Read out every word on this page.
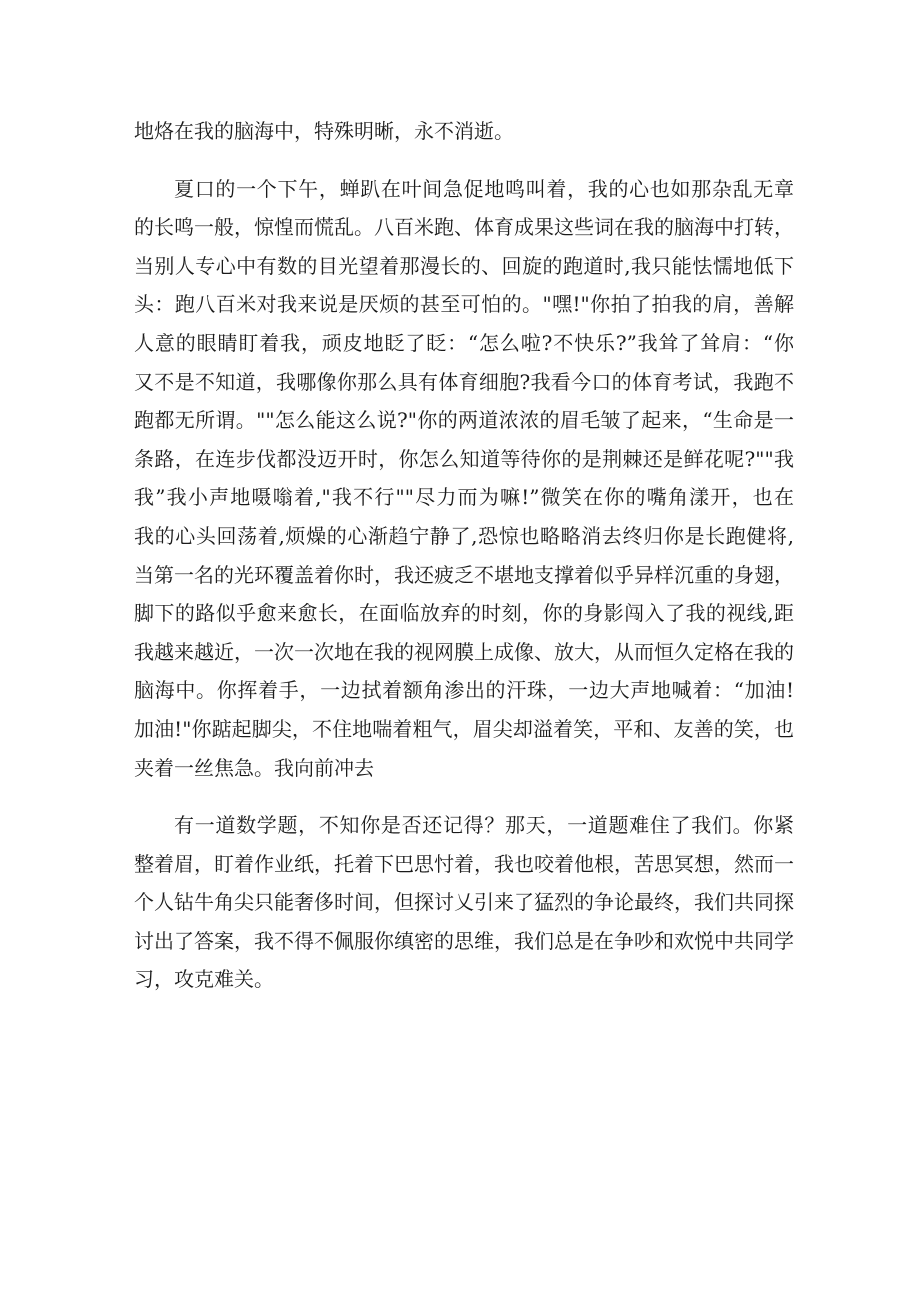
地烙在我的脑海中，特殊明晰，永不消逝。
夏口的一个下午，蝉趴在叶间急促地鸣叫着，我的心也如那杂乱无章
的长鸣一般，惊惶而慌乱。八百米跑、体育成果这些词在我的脑海中打转，
当别人专心中有数的目光望着那漫长的、回旋的跑道时,我只能怯懦地低下
头：跑八百米对我来说是厌烦的甚至可怕的。"嘿!"你拍了拍我的肩，善解
人意的眼睛盯着我，顽皮地眨了眨：“怎么啦?不快乐?”我耸了耸肩：“你
又不是不知道，我哪像你那么具有体育细胞?我看今口的体育考试，我跑不
跑都无所谓。""怎么能这么说?"你的两道浓浓的眉毛皱了起来，“生命是一
条路，在连步伐都没迈开时，你怎么知道等待你的是荆棘还是鲜花呢?""我
我”我小声地嗫嗡着,"我不行""尽力而为嘛!”微笑在你的嘴角漾开，也在
我的心头回荡着,烦燥的心渐趋宁静了,恐惊也略略消去终归你是长跑健将,
当第一名的光环覆盖着你时，我还疲乏不堪地支撑着似乎异样沉重的身翅，
脚下的路似乎愈来愈长，在面临放弃的时刻，你的身影闯入了我的视线,距
我越来越近，一次一次地在我的视网膜上成像、放大，从而恒久定格在我的
脑海中。你挥着手，一边拭着额角渗出的汗珠，一边大声地喊着：“加油!
加油!"你踮起脚尖，不住地喘着粗气，眉尖却溢着笑，平和、友善的笑，也
夹着一丝焦急。我向前冲去
有一道数学题，不知你是否还记得？那天，一道题难住了我们。你紧
整着眉，盯着作业纸，托着下巴思忖着，我也咬着他根，苦思冥想，然而一
个人钻牛角尖只能奢侈时间，但探讨乂引来了猛烈的争论最终，我们共同探
讨出了答案，我不得不佩服你缜密的思维，我们总是在争吵和欢悦中共同学
习，攻克难关。
